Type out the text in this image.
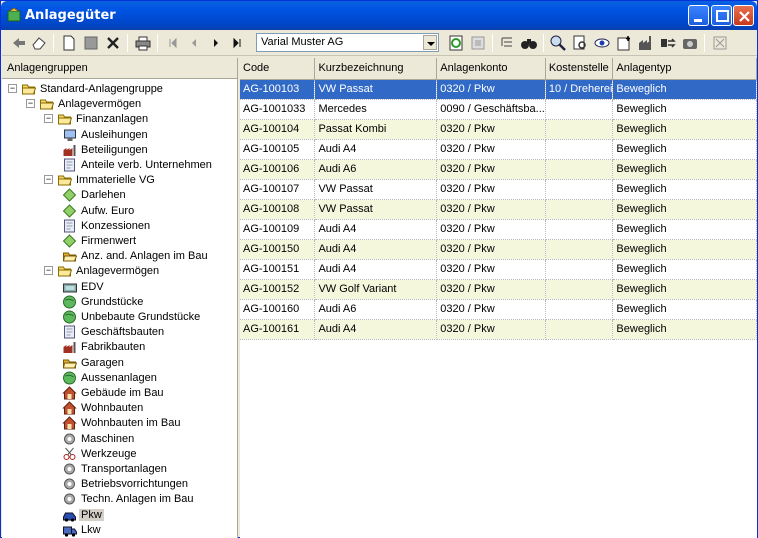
Anlagegüter
Varial Muster AG
Anlagengruppen
− Standard-Anlagengruppe
− Anlagevermögen
− Finanzanlagen
Ausleihungen
Beteiligungen
Anteile verb. Unternehmen
− Immaterielle VG
Darlehen
Aufw. Euro
Konzessionen
Firmenwert
Anz. and. Anlagen im Bau
− Anlagevermögen
EDV
Grundstücke
Unbebaute Grundstücke
Geschäftsbauten
Fabrikbauten
Garagen
Aussenanlagen
Gebäude im Bau
Wohnbauten
Wohnbauten im Bau
Maschinen
Werkzeuge
Transportanlagen
Betriebsvorrichtungen
Techn. Anlagen im Bau
Pkw
Lkw
Code	Kurzbezeichnung	Anlagenkonto	Kostenstelle	Anlagentyp
AG-100103	VW Passat	0320 / Pkw	10 / Dreherei	Beweglich
AG-1001033	Mercedes	0090 / Geschäftsba...		Beweglich
AG-100104	Passat Kombi	0320 / Pkw		Beweglich
AG-100105	Audi A4	0320 / Pkw		Beweglich
AG-100106	Audi A6	0320 / Pkw		Beweglich
AG-100107	VW Passat	0320 / Pkw		Beweglich
AG-100108	VW Passat	0320 / Pkw		Beweglich
AG-100109	Audi A4	0320 / Pkw		Beweglich
AG-100150	Audi A4	0320 / Pkw		Beweglich
AG-100151	Audi A4	0320 / Pkw		Beweglich
AG-100152	VW Golf Variant	0320 / Pkw		Beweglich
AG-100160	Audi A6	0320 / Pkw		Beweglich
AG-100161	Audi A4	0320 / Pkw		Beweglich
